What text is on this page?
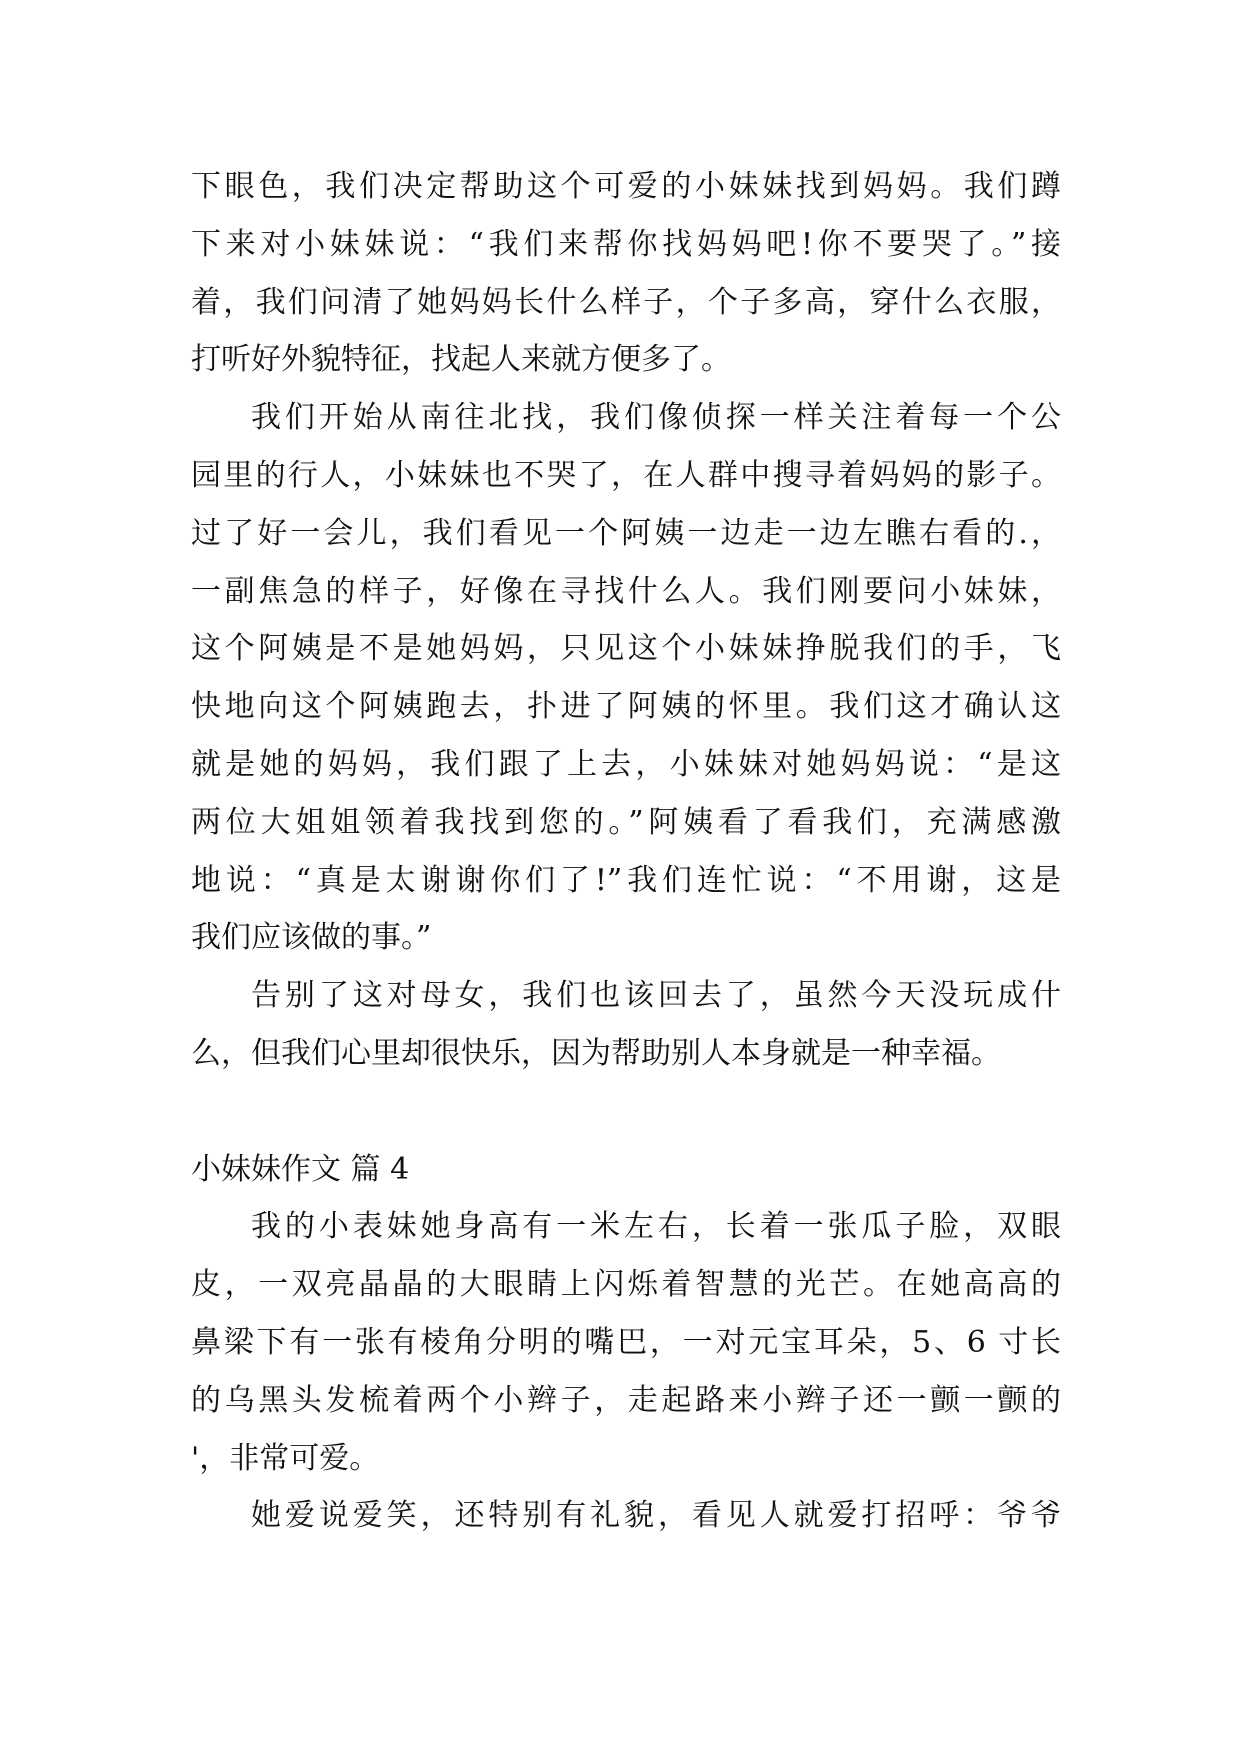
下眼色，我们决定帮助这个可爱的小妹妹找到妈妈。我们蹲
下来对小妹妹说：“我们来帮你找妈妈吧!你不要哭了。”接
着，我们问清了她妈妈长什么样子，个子多高，穿什么衣服，
打听好外貌特征，找起人来就方便多了。
我们开始从南往北找，我们像侦探一样关注着每一个公
园里的行人，小妹妹也不哭了，在人群中搜寻着妈妈的影子。
过了好一会儿，我们看见一个阿姨一边走一边左瞧右看的.，
一副焦急的样子，好像在寻找什么人。我们刚要问小妹妹，
这个阿姨是不是她妈妈，只见这个小妹妹挣脱我们的手，飞
快地向这个阿姨跑去，扑进了阿姨的怀里。我们这才确认这
就是她的妈妈，我们跟了上去，小妹妹对她妈妈说：“是这
两位大姐姐领着我找到您的。”阿姨看了看我们，充满感激
地说：“真是太谢谢你们了!”我们连忙说：“不用谢，这是
我们应该做的事。”
告别了这对母女，我们也该回去了，虽然今天没玩成什
么，但我们心里却很快乐，因为帮助别人本身就是一种幸福。
小妹妹作文 篇 4
我的小表妹她身高有一米左右，长着一张瓜子脸，双眼
皮，一双亮晶晶的大眼睛上闪烁着智慧的光芒。在她高高的
鼻梁下有一张有棱角分明的嘴巴，一对元宝耳朵，5、6 寸长
的乌黑头发梳着两个小辫子，走起路来小辫子还一颤一颤的
'，非常可爱。
她爱说爱笑，还特别有礼貌，看见人就爱打招呼：爷爷
